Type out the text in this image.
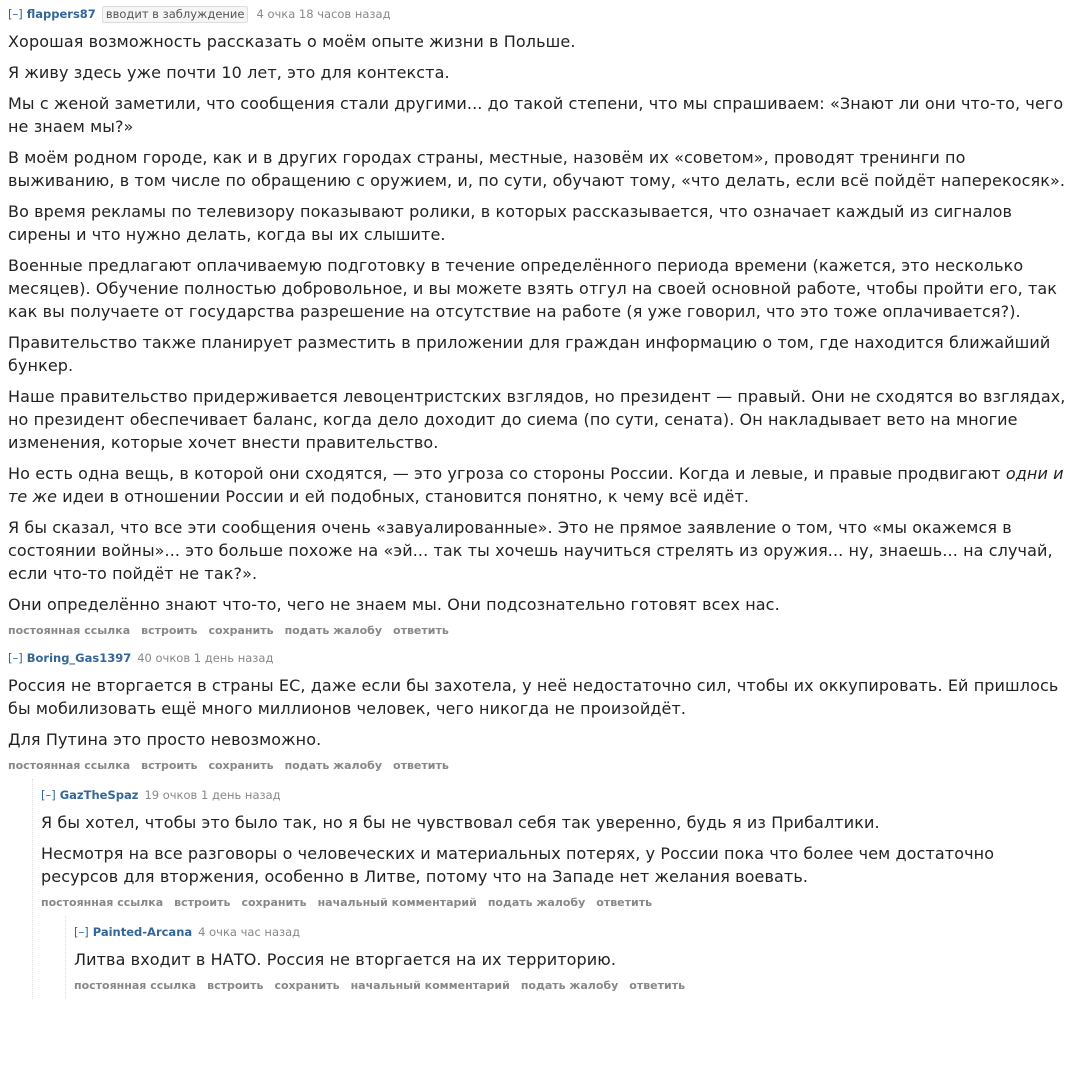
[–] flappers87 вводит в заблуждение 4 очка 18 часов назад

Хорошая возможность рассказать о моём опыте жизни в Польше.

Я живу здесь уже почти 10 лет, это для контекста.

Мы с женой заметили, что сообщения стали другими... до такой степени, что мы спрашиваем: «Знают ли они что-то, чего не знаем мы?»

В моём родном городе, как и в других городах страны, местные, назовём их «советом», проводят тренинги по выживанию, в том числе по обращению с оружием, и, по сути, обучают тому, «что делать, если всё пойдёт наперекосяк».

Во время рекламы по телевизору показывают ролики, в которых рассказывается, что означает каждый из сигналов сирены и что нужно делать, когда вы их слышите.

Военные предлагают оплачиваемую подготовку в течение определённого периода времени (кажется, это несколько месяцев). Обучение полностью добровольное, и вы можете взять отгул на своей основной работе, чтобы пройти его, так как вы получаете от государства разрешение на отсутствие на работе (я уже говорил, что это тоже оплачивается?).

Правительство также планирует разместить в приложении для граждан информацию о том, где находится ближайший бункер.

Наше правительство придерживается левоцентристских взглядов, но президент — правый. Они не сходятся во взглядах, но президент обеспечивает баланс, когда дело доходит до сиема (по сути, сената). Он накладывает вето на многие изменения, которые хочет внести правительство.

Но есть одна вещь, в которой они сходятся, — это угроза со стороны России. Когда и левые, и правые продвигают одни и те же идеи в отношении России и ей подобных, становится понятно, к чему всё идёт.

Я бы сказал, что все эти сообщения очень «завуалированные». Это не прямое заявление о том, что «мы окажемся в состоянии войны»... это больше похоже на «эй... так ты хочешь научиться стрелять из оружия... ну, знаешь... на случай, если что-то пойдёт не так?».

Они определённо знают что-то, чего не знаем мы. Они подсознательно готовят всех нас.

постоянная ссылка встроить сохранить подать жалобу ответить
[–] Boring_Gas1397 40 очков 1 день назад

Россия не вторгается в страны ЕС, даже если бы захотела, у неё недостаточно сил, чтобы их оккупировать. Ей пришлось бы мобилизовать ещё много миллионов человек, чего никогда не произойдёт.

Для Путина это просто невозможно.

постоянная ссылка встроить сохранить подать жалобу ответить
[–] GazTheSpaz 19 очков 1 день назад

Я бы хотел, чтобы это было так, но я бы не чувствовал себя так уверенно, будь я из Прибалтики.

Несмотря на все разговоры о человеческих и материальных потерях, у России пока что более чем достаточно ресурсов для вторжения, особенно в Литве, потому что на Западе нет желания воевать.

постоянная ссылка встроить сохранить начальный комментарий подать жалобу ответить
[–] Painted-Arcana 4 очка час назад

Литва входит в НАТО. Россия не вторгается на их территорию.

постоянная ссылка встроить сохранить начальный комментарий подать жалобу ответить
